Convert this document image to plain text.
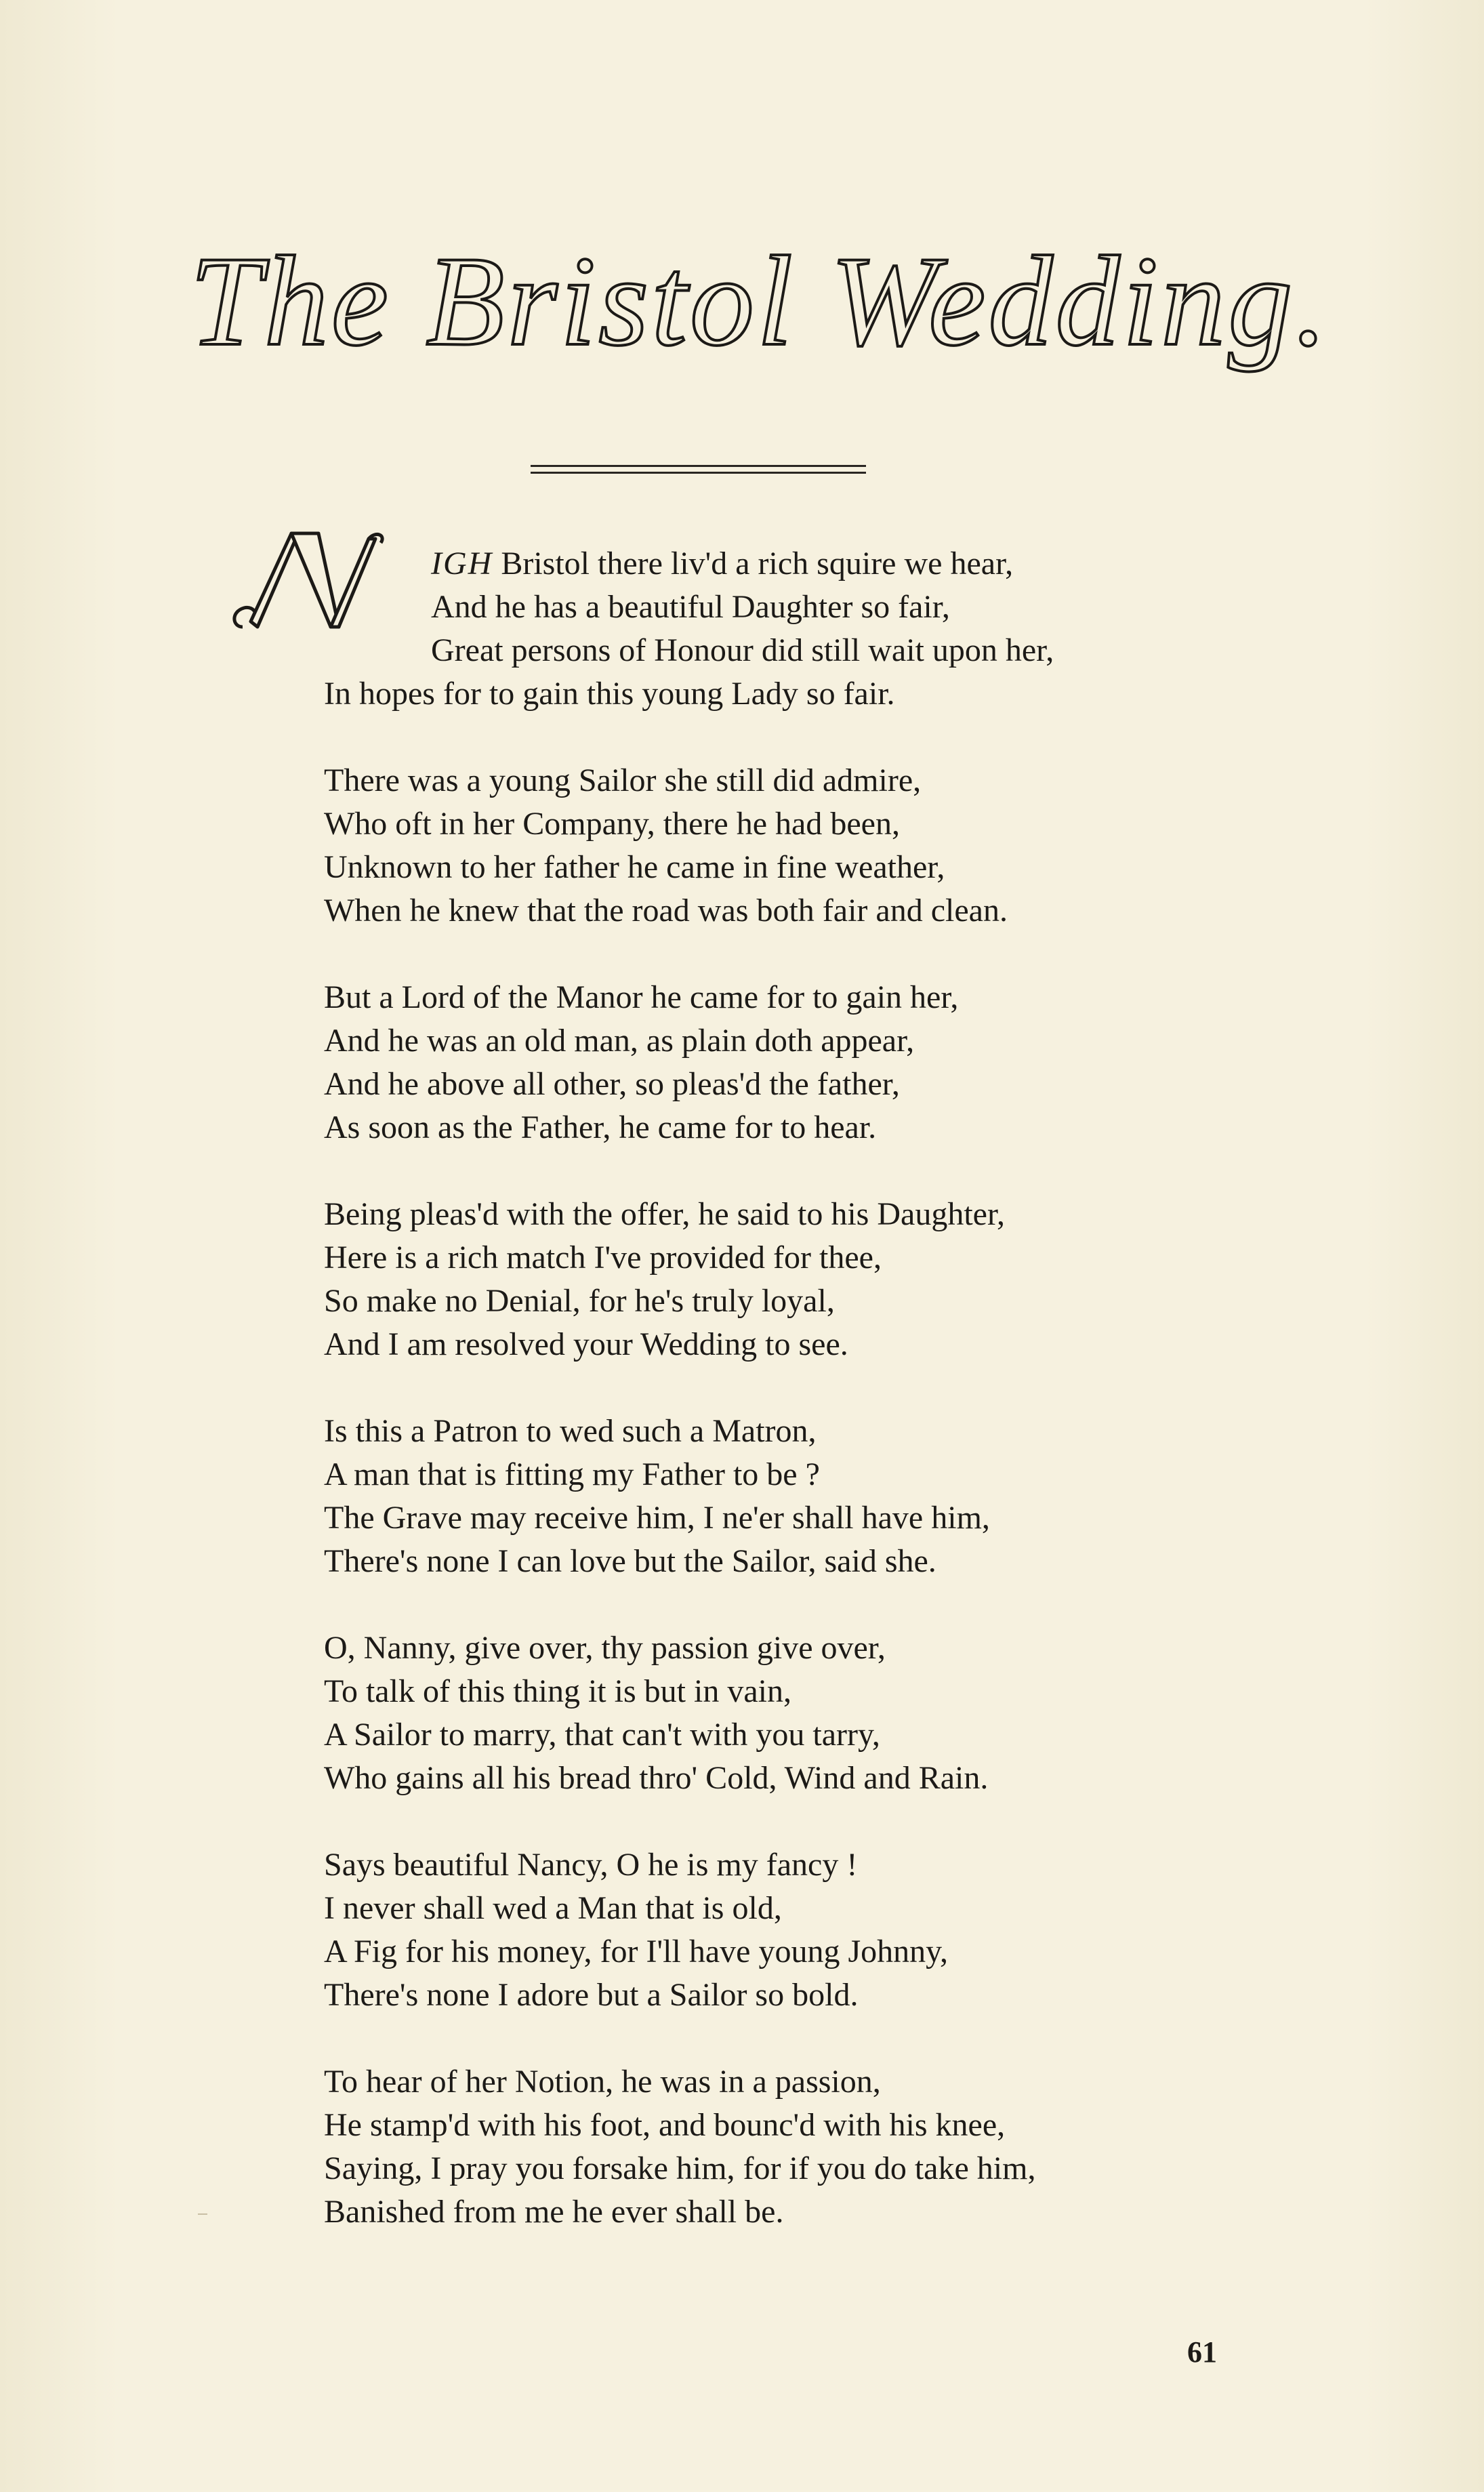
The Bristol Wedding.
IGH Bristol there liv'd a rich squire we hear,
And he has a beautiful Daughter so fair,
Great persons of Honour did still wait upon her,
In hopes for to gain this young Lady so fair.
There was a young Sailor she still did admire,
Who oft in her Company, there he had been,
Unknown to her father he came in fine weather,
When he knew that the road was both fair and clean.
But a Lord of the Manor he came for to gain her,
And he was an old man, as plain doth appear,
And he above all other, so pleas'd the father,
As soon as the Father, he came for to hear.
Being pleas'd with the offer, he said to his Daughter,
Here is a rich match I've provided for thee,
So make no Denial, for he's truly loyal,
And I am resolved your Wedding to see.
Is this a Patron to wed such a Matron,
A man that is fitting my Father to be ?
The Grave may receive him, I ne'er shall have him,
There's none I can love but the Sailor, said she.
O, Nanny, give over, thy passion give over,
To talk of this thing it is but in vain,
A Sailor to marry, that can't with you tarry,
Who gains all his bread thro' Cold, Wind and Rain.
Says beautiful Nancy, O he is my fancy !
I never shall wed a Man that is old,
A Fig for his money, for I'll have young Johnny,
There's none I adore but a Sailor so bold.
To hear of her Notion, he was in a passion,
He stamp'd with his foot, and bounc'd with his knee,
Saying, I pray you forsake him, for if you do take him,
Banished from me he ever shall be.
61
